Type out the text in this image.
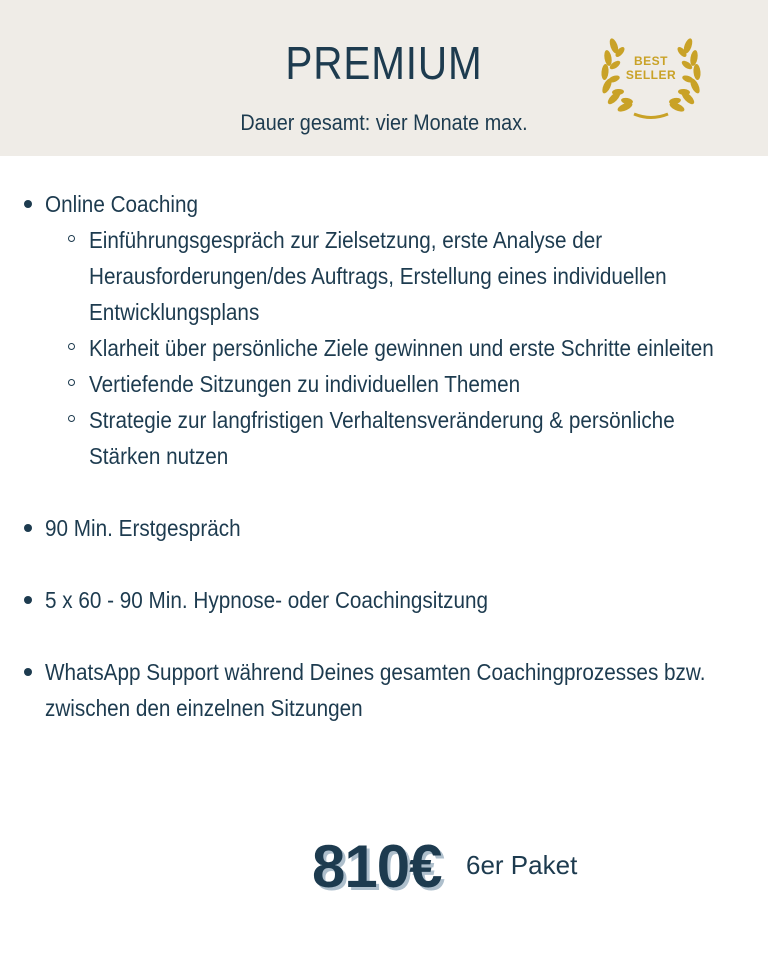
PREMIUM
Dauer gesamt: vier Monate max.
BEST
SELLER
Online Coaching
Einführungsgespräch zur Zielsetzung, erste Analyse der Herausforderungen/des Auftrags, Erstellung eines individuellen Entwicklungsplans
Klarheit über persönliche Ziele gewinnen und erste Schritte einleiten
Vertiefende Sitzungen zu individuellen Themen
Strategie zur langfristigen Verhaltensveränderung & persönliche Stärken nutzen
90 Min. Erstgespräch
5 x 60 - 90 Min. Hypnose- oder Coachingsitzung
WhatsApp Support während Deines gesamten Coachingprozesses bzw. zwischen den einzelnen Sitzungen
810€ 6er Paket
